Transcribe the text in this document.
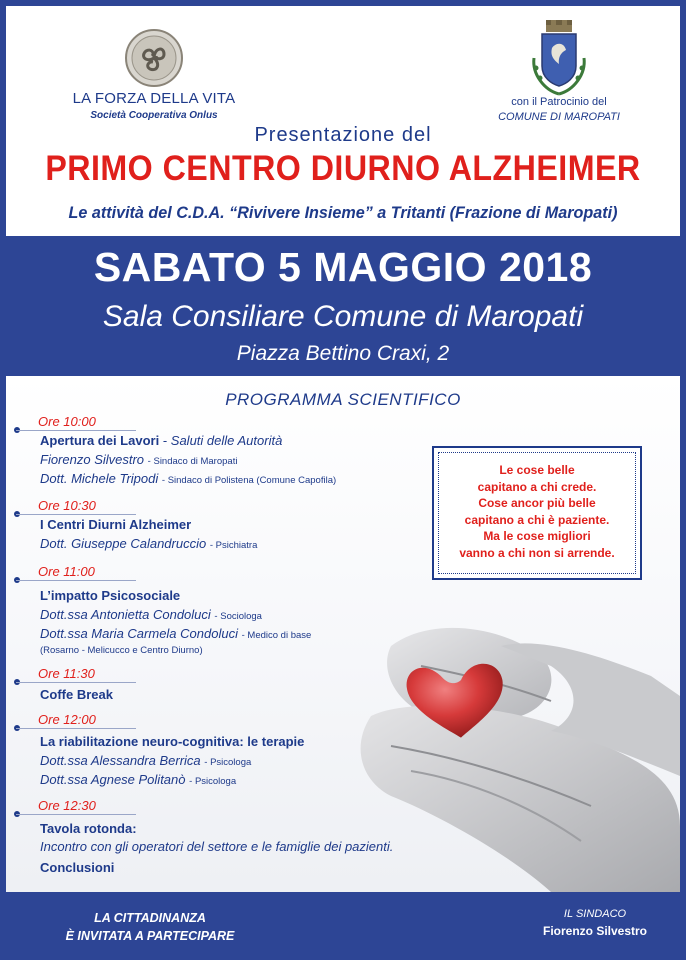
LA FORZA DELLA VITA
Società Cooperativa Onlus
con il Patrocinio del
COMUNE DI MAROPATI
Presentazione del
PRIMO CENTRO DIURNO ALZHEIMER
Le attività del C.D.A. “Rivivere Insieme” a Tritanti (Frazione di Maropati)
SABATO 5 MAGGIO 2018
Sala Consiliare Comune di Maropati
Piazza Bettino Craxi, 2
PROGRAMMA SCIENTIFICO
Ore 10:00
Apertura dei Lavori - Saluti delle Autorità
Fiorenzo Silvestro - Sindaco di Maropati
Dott. Michele Tripodi - Sindaco di Polistena (Comune Capofila)
Ore 10:30
I Centri Diurni Alzheimer
Dott. Giuseppe Calandruccio - Psichiatra
Ore 11:00
L’impatto Psicosociale
Dott.ssa Antonietta Condoluci - Sociologa
Dott.ssa Maria Carmela Condoluci - Medico di base
(Rosarno - Melicucco e Centro Diurno)
Ore 11:30
Coffe Break
Ore 12:00
La riabilitazione neuro-cognitiva: le terapie
Dott.ssa Alessandra Berrica - Psicologa
Dott.ssa Agnese Politanò - Psicologa
Ore 12:30
Tavola rotonda:
Incontro con gli operatori del settore e le famiglie dei pazienti.
Conclusioni
Le cose belle
capitano a chi crede.
Cose ancor più belle
capitano a chi è paziente.
Ma le cose migliori
vanno a chi non si arrende.
LA CITTADINANZA
È INVITATA A PARTECIPARE
IL SINDACO
Fiorenzo Silvestro
